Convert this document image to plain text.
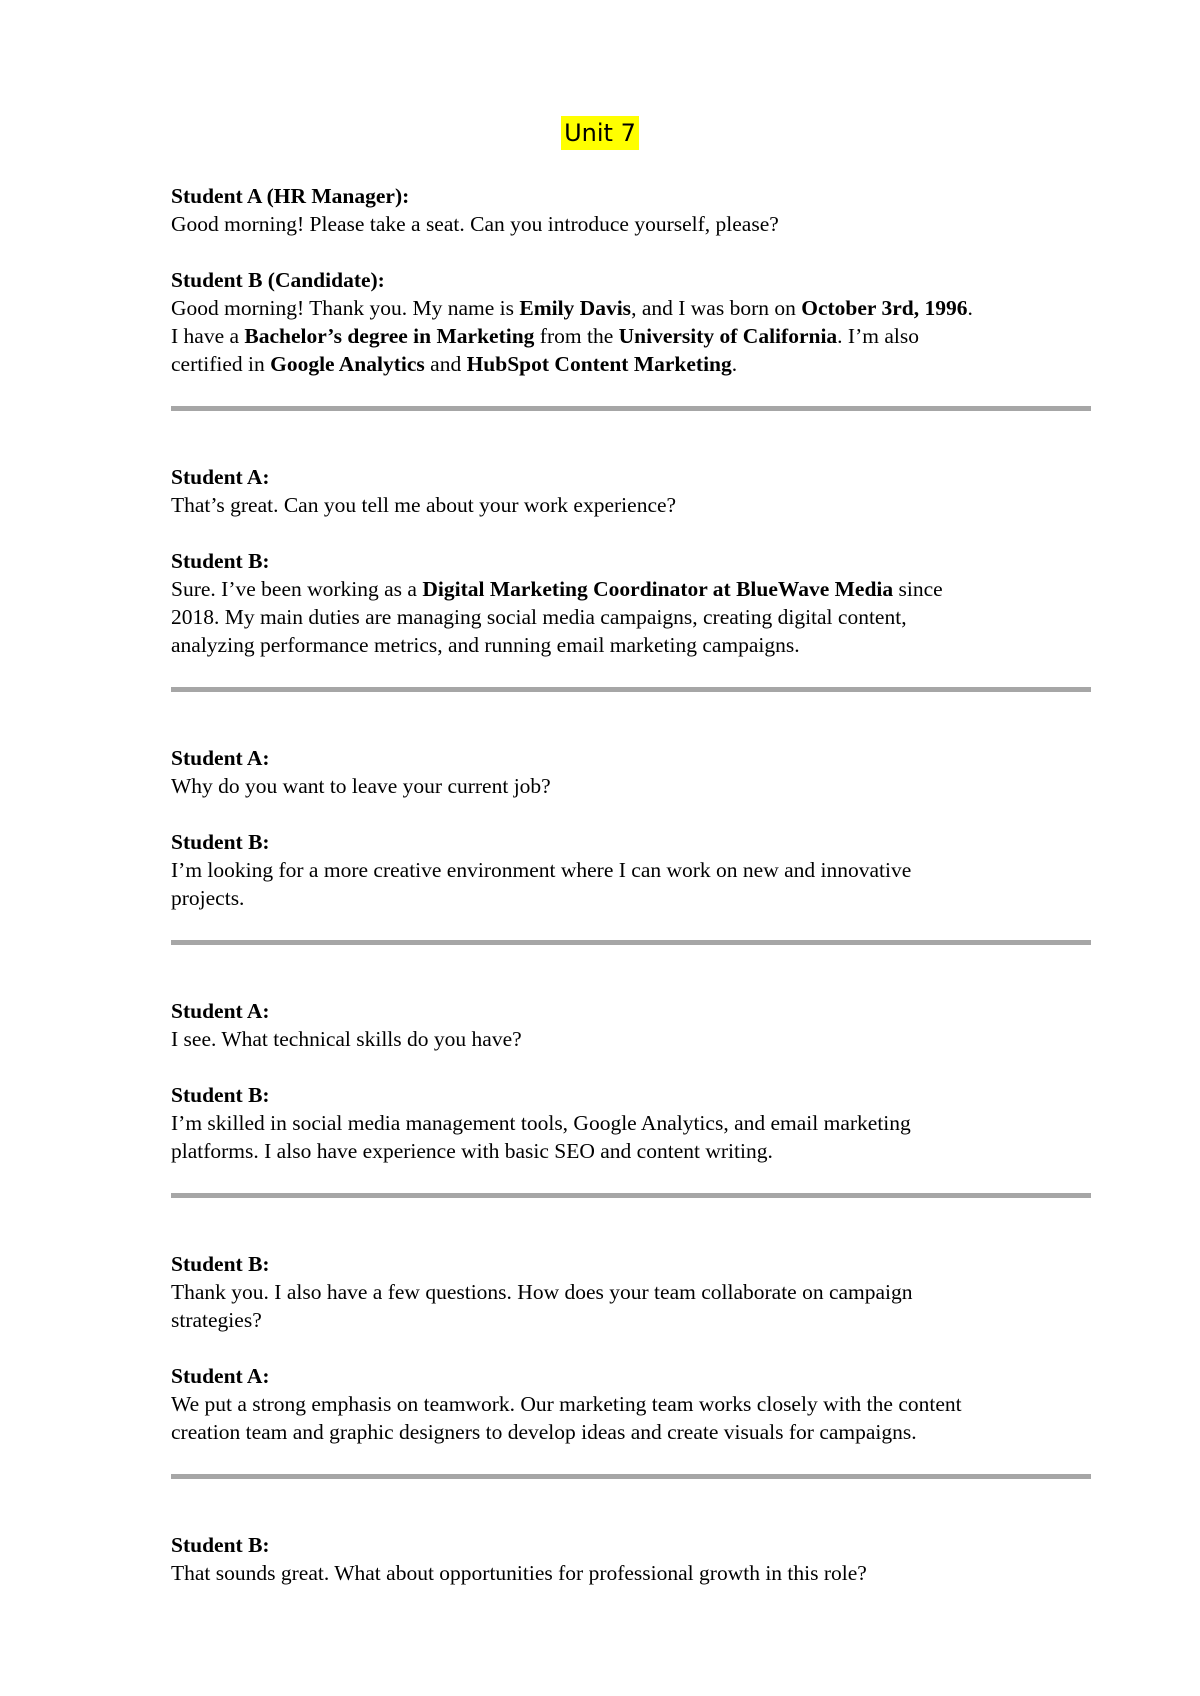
Unit 7
Student A (HR Manager):
Good morning! Please take a seat. Can you introduce yourself, please?
Student B (Candidate):
Good morning! Thank you. My name is Emily Davis, and I was born on October 3rd, 1996.
I have a Bachelor’s degree in Marketing from the University of California. I’m also
certified in Google Analytics and HubSpot Content Marketing.
Student A:
That’s great. Can you tell me about your work experience?
Student B:
Sure. I’ve been working as a Digital Marketing Coordinator at BlueWave Media since
2018. My main duties are managing social media campaigns, creating digital content,
analyzing performance metrics, and running email marketing campaigns.
Student A:
Why do you want to leave your current job?
Student B:
I’m looking for a more creative environment where I can work on new and innovative
projects.
Student A:
I see. What technical skills do you have?
Student B:
I’m skilled in social media management tools, Google Analytics, and email marketing
platforms. I also have experience with basic SEO and content writing.
Student B:
Thank you. I also have a few questions. How does your team collaborate on campaign
strategies?
Student A:
We put a strong emphasis on teamwork. Our marketing team works closely with the content
creation team and graphic designers to develop ideas and create visuals for campaigns.
Student B:
That sounds great. What about opportunities for professional growth in this role?
